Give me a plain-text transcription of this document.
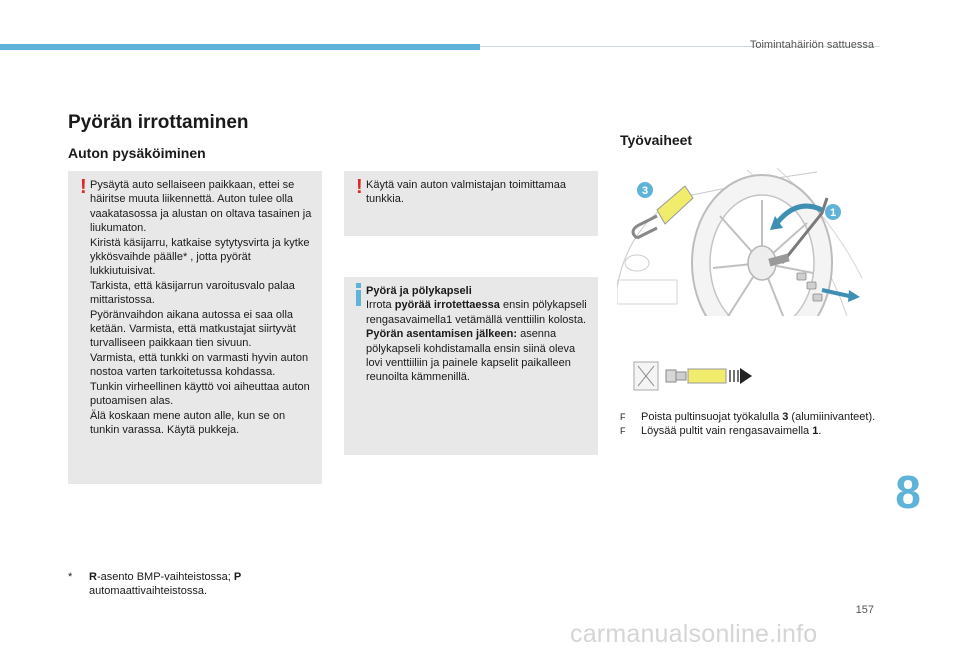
Toimintahäiriön sattuessa
Pyörän irrottaminen
Auton pysäköiminen
Työvaiheet
! Pysäytä auto sellaiseen paikkaan, ettei se häiritse muuta liikennettä. Auton tulee olla vaakatasossa ja alustan on oltava tasainen ja liukumaton.

Kiristä käsijarru, katkaise sytytysvirta ja kytke ykkösvaihde päälle* , jotta pyörät lukkiutuisivat.

Tarkista, että käsijarrun varoitusvalo palaa mittaristossa.

Pyöränvaihdon aikana autossa ei saa olla ketään. Varmista, että matkustajat siirtyvät turvalliseen paikkaan tien sivuun.

Varmista, että tunkki on varmasti hyvin auton nostoa varten tarkoitetussa kohdassa.

Tunkin virheellinen käyttö voi aiheuttaa auton putoamisen alas.

Älä koskaan mene auton alle, kun se on tunkin varassa. Käytä pukkeja.

! Käytä vain auton valmistajan toimittamaa tunkkia.

Pyörä ja pölykapseli

Irrota pyörää irrotettaessa ensin pölykapseli rengasavaimella1 vetämällä venttiilin kolosta.

Pyörän asentamisen jälkeen: asenna pölykapseli kohdistamalla ensin siinä oleva lovi venttiiliin ja painele kapselit paikalleen reunoilta kämmenillä.

* R-asento BMP-vaihteistossa; P automaattivaihteistossa.
3
1
F Poista pultinsuojat työkalulla 3 (alumiinivanteet).
F Löysää pultit vain rengasavaimella 1.
8
157
carmanualsonline.info
